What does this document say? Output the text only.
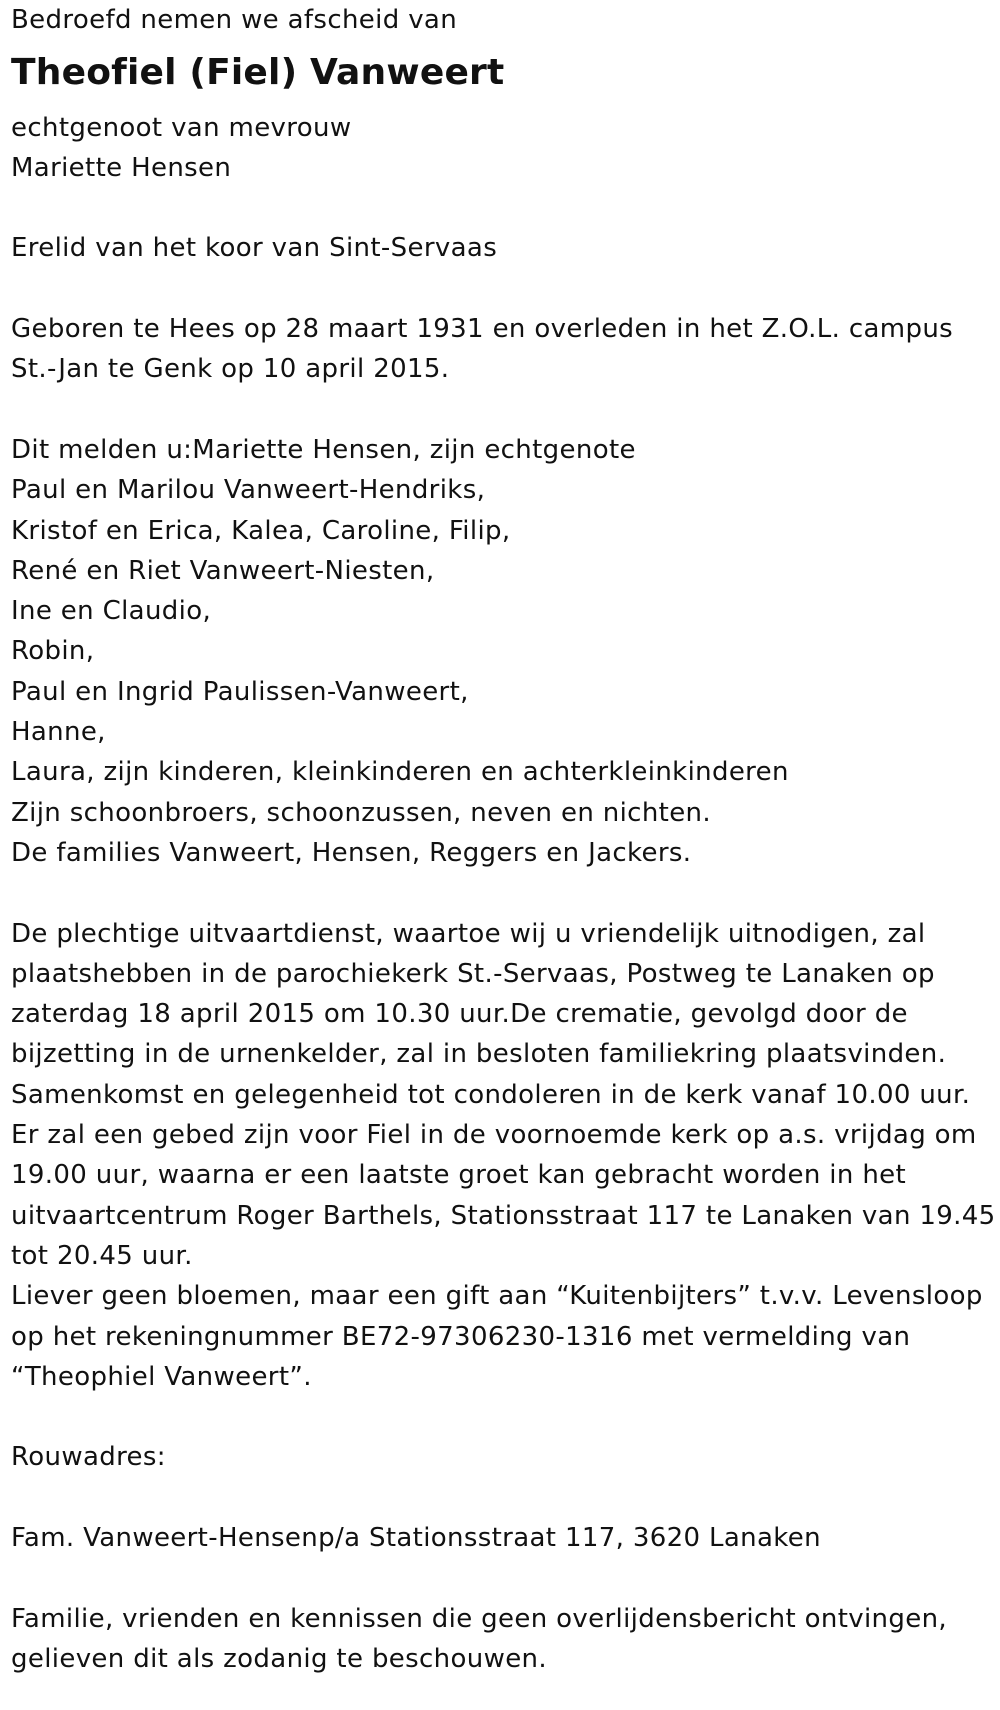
Bedroefd nemen we afscheid van

Theofiel (Fiel) Vanweert

echtgenoot van mevrouw

Mariette Hensen

Erelid van het koor van Sint-Servaas

Geboren te Hees op 28 maart 1931 en overleden in het Z.O.L. campus

St.-Jan te Genk op 10 april 2015.

Dit melden u:Mariette Hensen, zijn echtgenote

Paul en Marilou Vanweert-Hendriks,

Kristof en Erica, Kalea, Caroline, Filip,

René en Riet Vanweert-Niesten,

Ine en Claudio,

Robin,

Paul en Ingrid Paulissen-Vanweert,

Hanne,

Laura, zijn kinderen, kleinkinderen en achterkleinkinderen

Zijn schoonbroers, schoonzussen, neven en nichten.

De families Vanweert, Hensen, Reggers en Jackers.

De plechtige uitvaartdienst, waartoe wij u vriendelijk uitnodigen, zal

plaatshebben in de parochiekerk St.-Servaas, Postweg te Lanaken op

zaterdag 18 april 2015 om 10.30 uur.De crematie, gevolgd door de

bijzetting in de urnenkelder, zal in besloten familiekring plaatsvinden.

Samenkomst en gelegenheid tot condoleren in de kerk vanaf 10.00 uur.

Er zal een gebed zijn voor Fiel in de voornoemde kerk op a.s. vrijdag om

19.00 uur, waarna er een laatste groet kan gebracht worden in het

uitvaartcentrum Roger Barthels, Stationsstraat 117 te Lanaken van 19.45

tot 20.45 uur.

Liever geen bloemen, maar een gift aan “Kuitenbijters” t.v.v. Levensloop

op het rekeningnummer BE72-97306230-1316 met vermelding van

“Theophiel Vanweert”.

Rouwadres:

Fam. Vanweert-Hensenp/a Stationsstraat 117, 3620 Lanaken

Familie, vrienden en kennissen die geen overlijdensbericht ontvingen,

gelieven dit als zodanig te beschouwen.
